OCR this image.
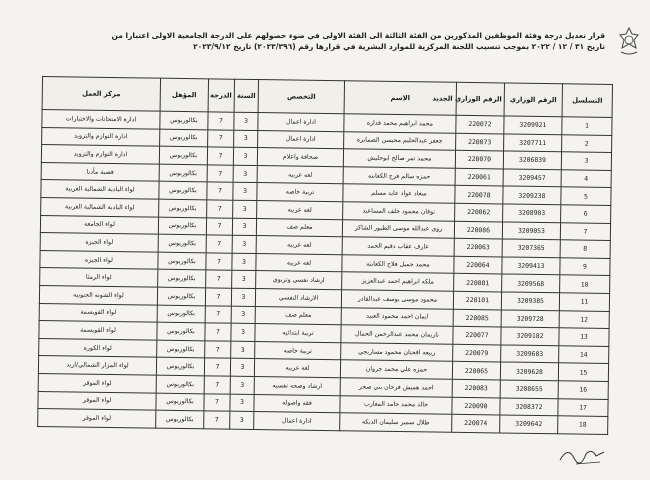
قرار تعديل درجة وفئة الموظفين المذكورين من الفئة الثالثة الى الفئة الاولى في ضوء حصولهم على الدرجة الجامعية الاولى اعتبارا من
تاريخ ٣١ / ١٢ / ٢٠٢٢ بموجب تنسيب اللجنة المركزية للموارد البشرية في قرارها رقم (٢٠٢٣/٣٩٦) تاريخ ٢٠٢٣/٩/١٢
التسلسل	الرقم الوزاري	الرقم الوزاري الجديد	الاسم	التخصص	السنة	الدرجة	المؤهل	مركز العمل
1	3209921	220072	محمد ابراهيم محمد قداره	ادارة اعمال	3	7	بكالوريوس	ادارة الامتحانات والاختبارات
2	3207711	220073	جعفر عبدالحليم محيسن الصمايره	ادارة اعمال	3	7	بكالوريوس	ادارة التوازم والتزويد
3	3206839	220070	محمد تمر صالح ابوحليش	صحافة واعلام	3	7	بكالوريوس	ادارة التوازم والتزويد
4	3209457	220061	حمزه سالم فرج الكعابنه	لغه عربيه	3	7	بكالوريوس	قصبة مأدبا
5	3209238	220078	سعاد عواد عايد مسلم	تربية خاصه	3	7	بكالوريوس	لواء البادية الشمالية الغربية
6	3208903	220062	نوفان محمود خلف المساعيد	لغه عربيه	3	7	بكالوريوس	لواء البادية الشمالية الغربية
7	3209053	220086	روى عبدالله موسى الطيور الشاكر	معلم صف	3	7	بكالوريوس	لواء الجامعه
8	3207365	220063	عارف عقاب دقيم الحمد	لغه عربيه	3	7	بكالوريوس	لواء الجيزه
9	3209413	220064	محمد جميل فلاح الكعابنه	لغه عربيه	3	7	بكالوريوس	لواء الجيزه
10	3209568	220081	ملكه ابراهيم احمد عبدالعزيز	ارشاد نفسي وتربوي	3	7	بكالوريوس	لواء الرمثا
11	3209385	220101	محمود موسى يوسف عبدالقادر	الارشاد النفسي	3	7	بكالوريوس	لواء الشونه الجنوبيه
12	3209728	220085	ايمان احمد محمود العبيد	معلم صف	3	7	بكالوريوس	لواء القويسمة
13	3209182	220077	ناريمان محمد عبدالرحمن الحمال	تربية ابتدائيه	3	7	بكالوريوس	لواء القويسمة
14	3209603	220079	ربيعه اقحنان محمود مساربجي	تربية خاصه	3	7	بكالوريوس	لواء الكوره
15	3209628	220065	حمزه علي محمد جروان	لغه عربيه	3	7	بكالوريوس	لواء المزار الشمالي/اربد
16	3208655	220083	احمد هميش فرحان بني صخر	ارشاد وصحه نفسيه	3	7	بكالوريوس	لواء الموقر
17	3208372	220090	خالد محمد حامد المغارب	فقه واصوله	3	7	بكالوريوس	لواء الموقر
18	3209642	220074	طلال سمير سليمان الدبكه	ادارة اعمال	3	7	بكالوريوس	لواء الموقر
